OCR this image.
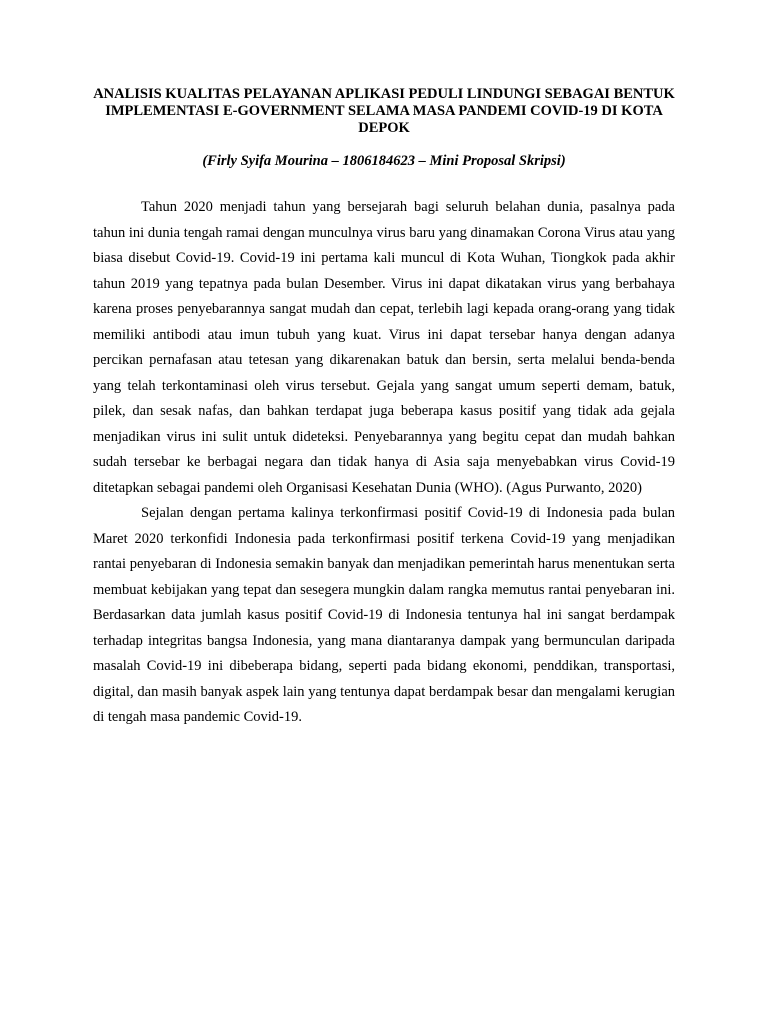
ANALISIS KUALITAS PELAYANAN APLIKASI PEDULI LINDUNGI SEBAGAI BENTUK IMPLEMENTASI E-GOVERNMENT SELAMA MASA PANDEMI COVID-19 DI KOTA DEPOK

(Firly Syifa Mourina – 1806184623 – Mini Proposal Skripsi)

Tahun 2020 menjadi tahun yang bersejarah bagi seluruh belahan dunia, pasalnya pada tahun ini dunia tengah ramai dengan munculnya virus baru yang dinamakan Corona Virus atau yang biasa disebut Covid-19. Covid-19 ini pertama kali muncul di Kota Wuhan, Tiongkok pada akhir tahun 2019 yang tepatnya pada bulan Desember. Virus ini dapat dikatakan virus yang berbahaya karena proses penyebarannya sangat mudah dan cepat, terlebih lagi kepada orang-orang yang tidak memiliki antibodi atau imun tubuh yang kuat. Virus ini dapat tersebar hanya dengan adanya percikan pernafasan atau tetesan yang dikarenakan batuk dan bersin, serta melalui benda-benda yang telah terkontaminasi oleh virus tersebut. Gejala yang sangat umum seperti demam, batuk, pilek, dan sesak nafas, dan bahkan terdapat juga beberapa kasus positif yang tidak ada gejala menjadikan virus ini sulit untuk dideteksi. Penyebarannya yang begitu cepat dan mudah bahkan sudah tersebar ke berbagai negara dan tidak hanya di Asia saja menyebabkan virus Covid-19 ditetapkan sebagai pandemi oleh Organisasi Kesehatan Dunia (WHO). (Agus Purwanto, 2020)

Sejalan dengan pertama kalinya terkonfirmasi positif Covid-19 di Indonesia pada bulan Maret 2020 terkonfidi Indonesia pada terkonfirmasi positif terkena Covid-19 yang menjadikan rantai penyebaran di Indonesia semakin banyak dan menjadikan pemerintah harus menentukan serta membuat kebijakan yang tepat dan sesegera mungkin dalam rangka memutus rantai penyebaran ini. Berdasarkan data jumlah kasus positif Covid-19 di Indonesia tentunya hal ini sangat berdampak terhadap integritas bangsa Indonesia, yang mana diantaranya dampak yang bermunculan daripada masalah Covid-19 ini dibeberapa bidang, seperti pada bidang ekonomi, penddikan, transportasi, digital, dan masih banyak aspek lain yang tentunya dapat berdampak besar dan mengalami kerugian di tengah masa pandemic Covid-19.
